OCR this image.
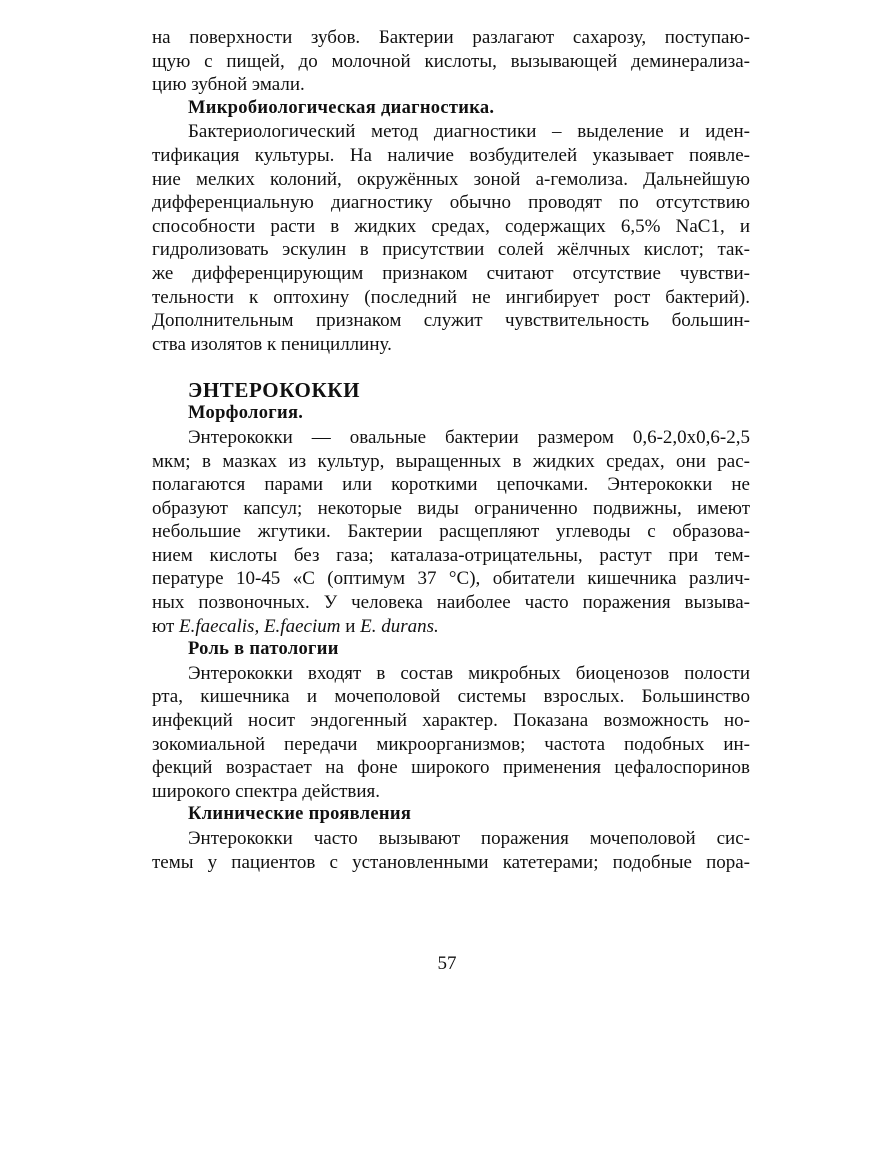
на поверхности зубов. Бактерии разлагают сахарозу, поступаю-
щую с пищей, до молочной кислоты, вызывающей деминерализа-
цию зубной эмали.
Микробиологическая диагностика.
Бактериологический метод диагностики – выделение и иден-
тификация культуры. На наличие возбудителей указывает появле-
ние мелких колоний, окружённых зоной а-гемолиза. Дальнейшую
дифференциальную диагностику обычно проводят по отсутствию
способности расти в жидких средах, содержащих 6,5% NaC1, и
гидролизовать эскулин в присутствии солей жёлчных кислот; так-
же дифференцирующим признаком считают отсутствие чувстви-
тельности к оптохину (последний не ингибирует рост бактерий).
Дополнительным признаком служит чувствительность большин-
ства изолятов к пенициллину.
ЭНТЕРОКОККИ
Морфология.
Энтерококки — овальные бактерии размером 0,6-2,0х0,6-2,5
мкм; в мазках из культур, выращенных в жидких средах, они рас-
полагаются парами или короткими цепочками. Энтерококки не
образуют капсул; некоторые виды ограниченно подвижны, имеют
небольшие жгутики. Бактерии расщепляют углеводы с образова-
нием кислоты без газа; каталаза-отрицательны, растут при тем-
пературе 10-45 «С (оптимум 37 °С), обитатели кишечника различ-
ных позвоночных. У человека наиболее часто поражения вызыва-
ют E.faecalis, E.faecium и E. durans.
Роль в патологии
Энтерококки входят в состав микробных биоценозов полости
рта, кишечника и мочеполовой системы взрослых. Большинство
инфекций носит эндогенный характер. Показана возможность но-
зокомиальной передачи микроорганизмов; частота подобных ин-
фекций возрастает на фоне широкого применения цефалоспоринов
широкого спектра действия.
Клинические проявления
Энтерококки часто вызывают поражения мочеполовой сис-
темы у пациентов с установленными катетерами; подобные пора-
57
